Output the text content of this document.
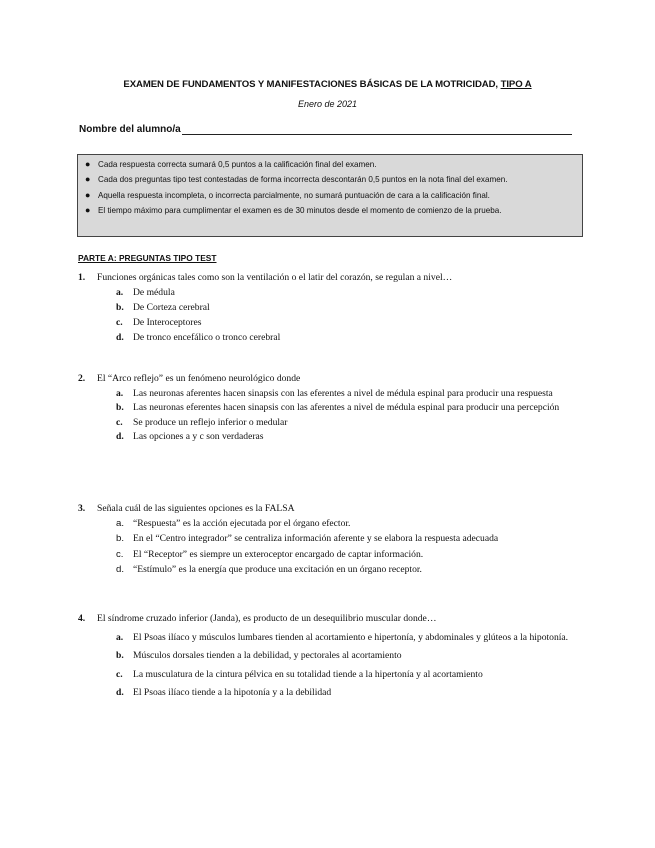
EXAMEN DE FUNDAMENTOS Y MANIFESTACIONES BÁSICAS DE LA MOTRICIDAD, TIPO A
Enero de 2021
Nombre del alumno/a
● Cada respuesta correcta sumará 0,5 puntos a la calificación final del examen.
● Cada dos preguntas tipo test contestadas de forma incorrecta descontarán 0,5 puntos en la nota final del examen.
● Aquella respuesta incompleta, o incorrecta parcialmente, no sumará puntuación de cara a la calificación final.
● El tiempo máximo para cumplimentar el examen es de 30 minutos desde el momento de comienzo de la prueba.
PARTE A: PREGUNTAS TIPO TEST
1.	Funciones orgánicas tales como son la ventilación o el latir del corazón, se regulan a nivel…
a.	De médula
b. De Corteza cerebral
c.	De Interoceptores
d. De tronco encefálico o tronco cerebral
2.	El “Arco reflejo” es un fenómeno neurológico donde
a.	Las neuronas aferentes hacen sinapsis con las eferentes a nivel de médula espinal para producir una respuesta
b. Las neuronas eferentes hacen sinapsis con las aferentes a nivel de médula espinal para producir una percepción
c.	Se produce un reflejo inferior o medular
d. Las opciones a y c son verdaderas
3.	Señala cuál de las siguientes opciones es la FALSA
a. “Respuesta” es la acción ejecutada por el órgano efector.
b. En el “Centro integrador” se centraliza información aferente y se elabora la respuesta adecuada
c. El “Receptor” es siempre un exteroceptor encargado de captar información.
d. “Estímulo” es la energía que produce una excitación en un órgano receptor.
4.	El síndrome cruzado inferior (Janda), es producto de un desequilibrio muscular donde…
a.	El Psoas ilíaco y músculos lumbares tienden al acortamiento e hipertonía, y abdominales y glúteos a la hipotonía.
b. Músculos dorsales tienden a la debilidad, y pectorales al acortamiento
c.	La musculatura de la cintura pélvica en su totalidad tiende a la hipertonía y al acortamiento
d. El Psoas ilíaco tiende a la hipotonía y a la debilidad
